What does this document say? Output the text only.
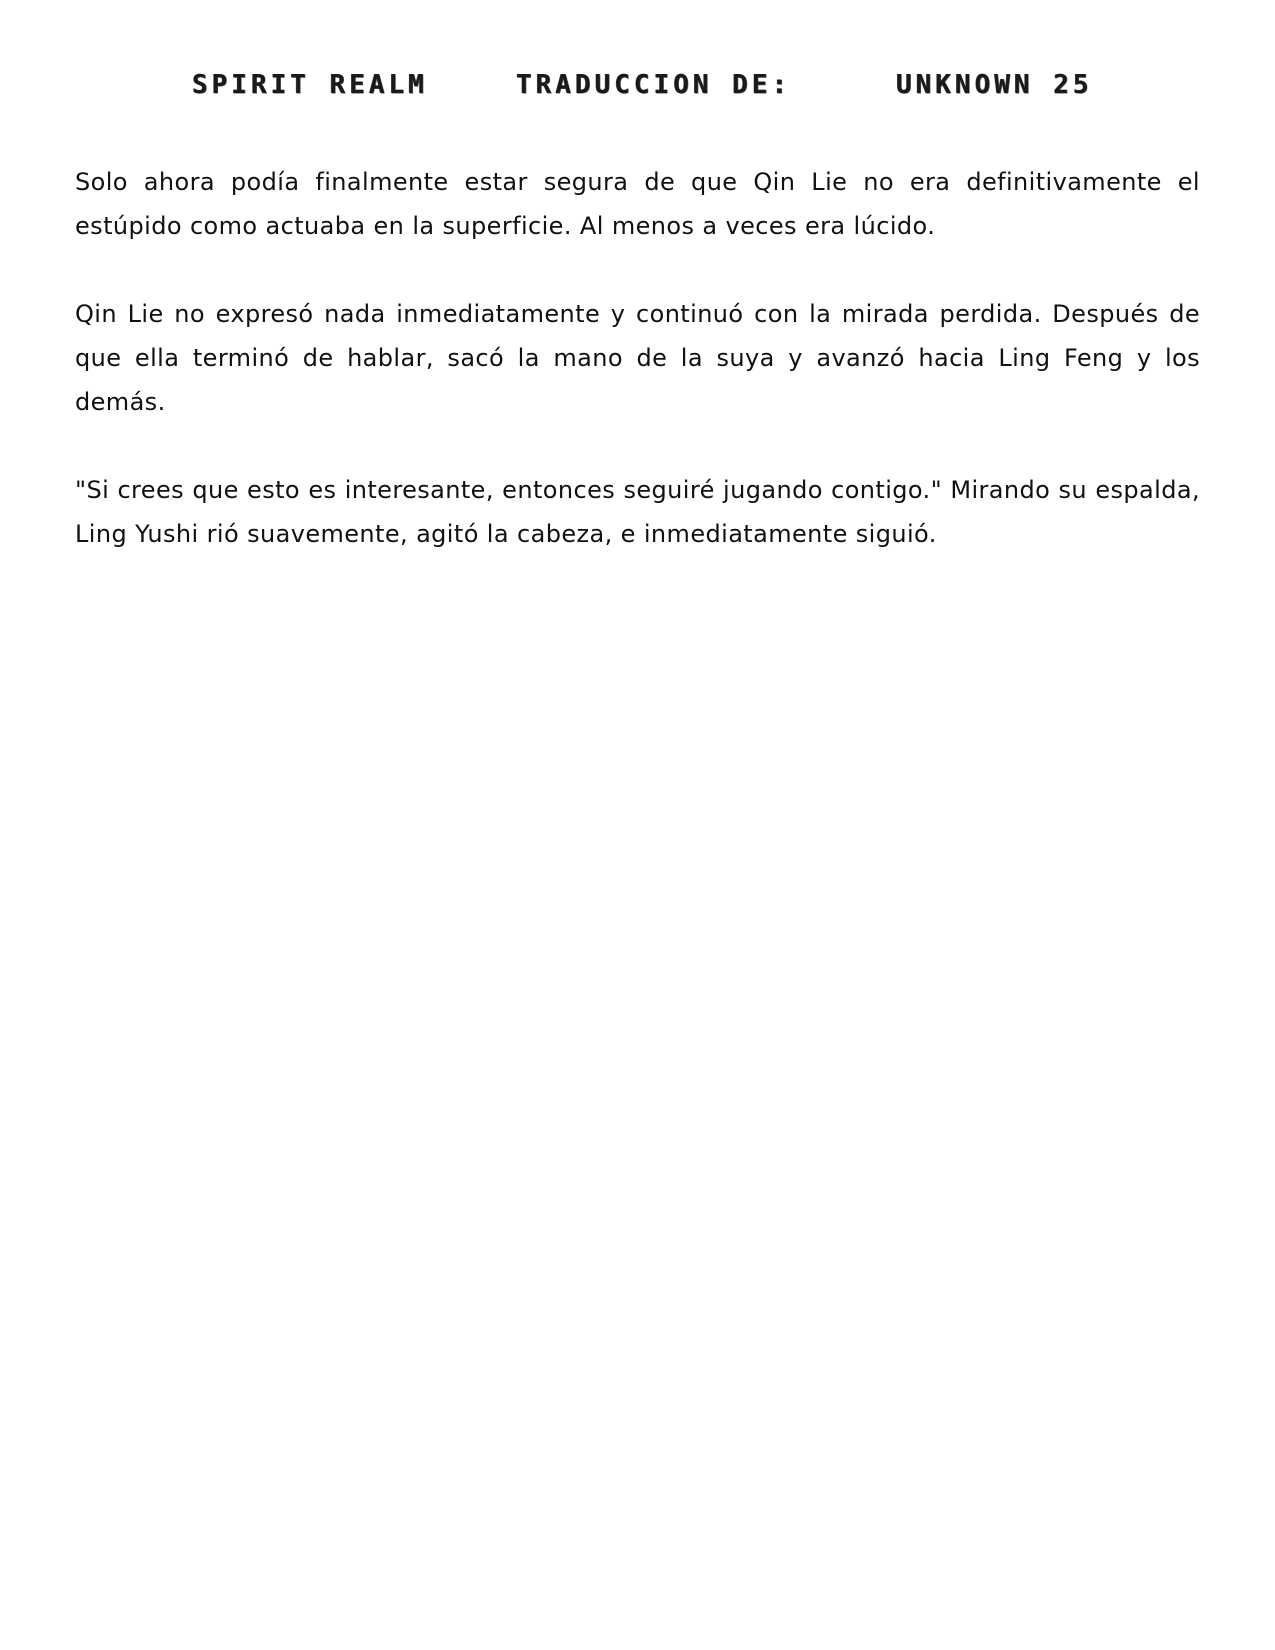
SPIRIT REALM	TRADUCCION DE:	UNKNOWN 25

Solo ahora podía finalmente estar segura de que Qin Lie no era definitivamente el estúpido como actuaba en la superficie. Al menos a veces era lúcido.

Qin Lie no expresó nada inmediatamente y continuó con la mirada perdida. Después de que ella terminó de hablar, sacó la mano de la suya y avanzó hacia Ling Feng y los demás.

"Si crees que esto es interesante, entonces seguiré jugando contigo." Mirando su espalda, Ling Yushi rió suavemente, agitó la cabeza, e inmediatamente siguió.
